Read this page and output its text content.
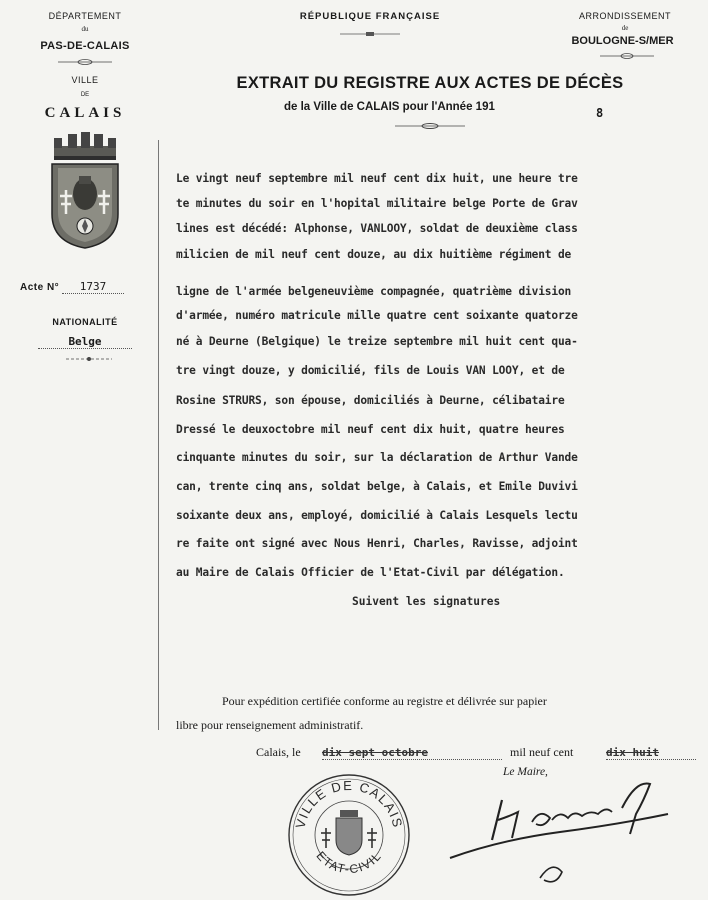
DÉPARTEMENT
du
PAS-DE-CALAIS
VILLE
DE
CALAIS
Acte N° 1737
NATIONALITÉ
Belge
RÉPUBLIQUE FRANÇAISE	ARRONDISSEMENT
de
BOULOGNE-S/MER
EXTRAIT DU REGISTRE AUX ACTES DE DÉCÈS
de la Ville de CALAIS pour l'Année 191	8
Le vingt neuf septembre mil neuf cent dix huit, une heure tre
te minutes du soir en l'hopital militaire belge Porte de Grav
lines est décédé: Alphonse, VANLOOY, soldat de deuxième class
milicien de mil neuf cent douze, au dix huitième régiment de
ligne de l'armée belgeneuvième compagnée, quatrième division
d'armée, numéro matricule mille quatre cent soixante quatorze
né à Deurne (Belgique) le treize septembre mil huit cent qua-
tre vingt douze, y domicilié, fils de Louis VAN LOOY, et de
Rosine STRURS, son épouse, domiciliés à Deurne, célibataire
Dressé le deuxoctobre mil neuf cent dix huit, quatre heures
cinquante minutes du soir, sur la déclaration de Arthur Vande
can, trente cinq ans, soldat belge, à Calais, et Emile Duvivi
soixante deux ans, employé, domicilié à Calais Lesquels lectu
re faite ont signé avec Nous Henri, Charles, Ravisse, adjoint
au Maire de Calais Officier de l'Etat-Civil par délégation.
Suivent les signatures
Pour expédition certifiée conforme au registre et délivrée sur papier
libre pour renseignement administratif.
Calais, le dix sept octobre	mil neuf cent	dix huit
Le Maire,
VILLE DE CALAIS
ETAT-CIVIL
